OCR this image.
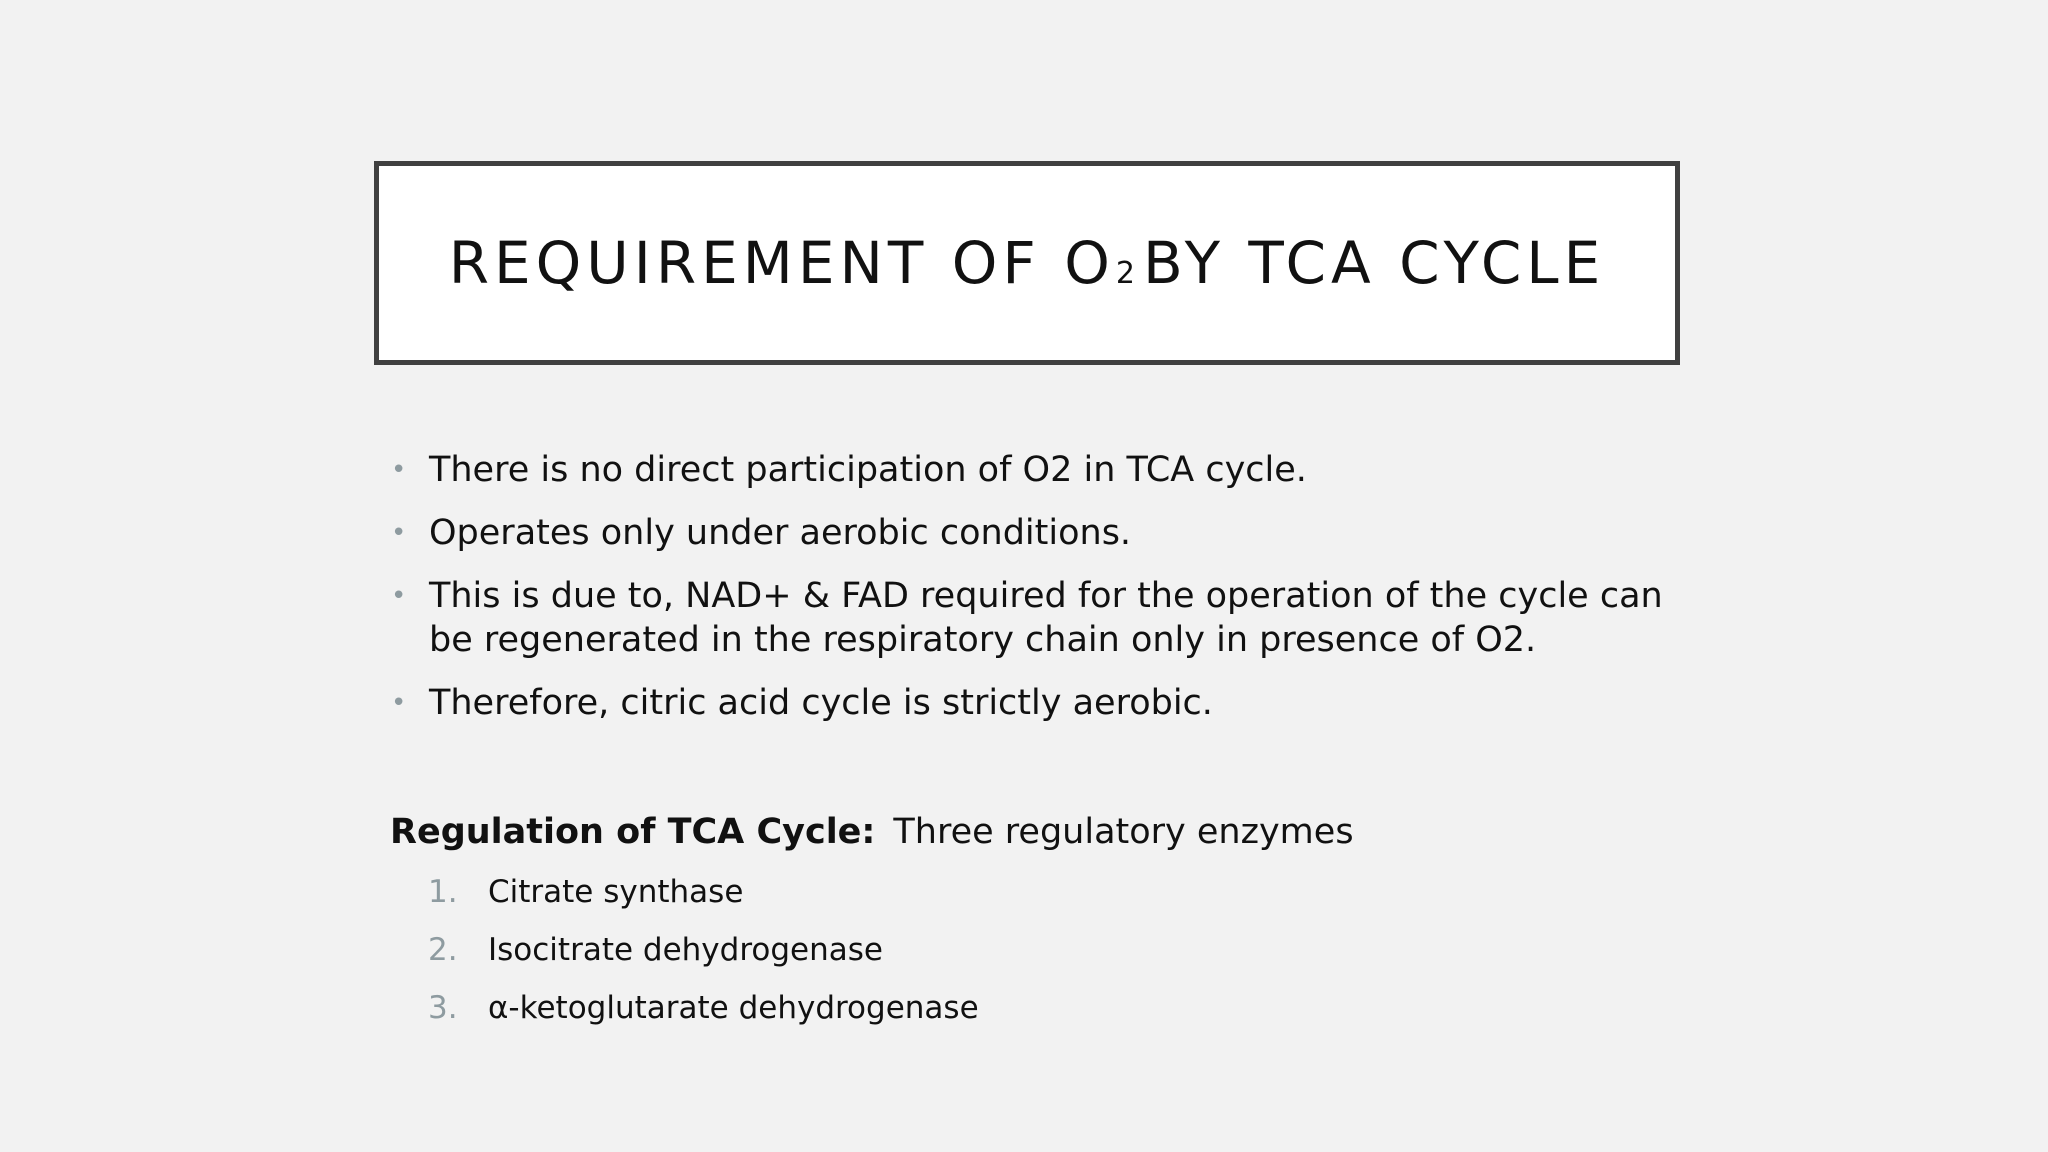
REQUIREMENT OF O2 BY TCA CYCLE
• There is no direct participation of O2 in TCA cycle.
• Operates only under aerobic conditions.
• This is due to, NAD+ & FAD required for the operation of the cycle can be regenerated in the respiratory chain only in presence of O2.
• Therefore, citric acid cycle is strictly aerobic.
Regulation of TCA Cycle: Three regulatory enzymes
1. Citrate synthase
2. Isocitrate dehydrogenase
3. α-ketoglutarate dehydrogenase
